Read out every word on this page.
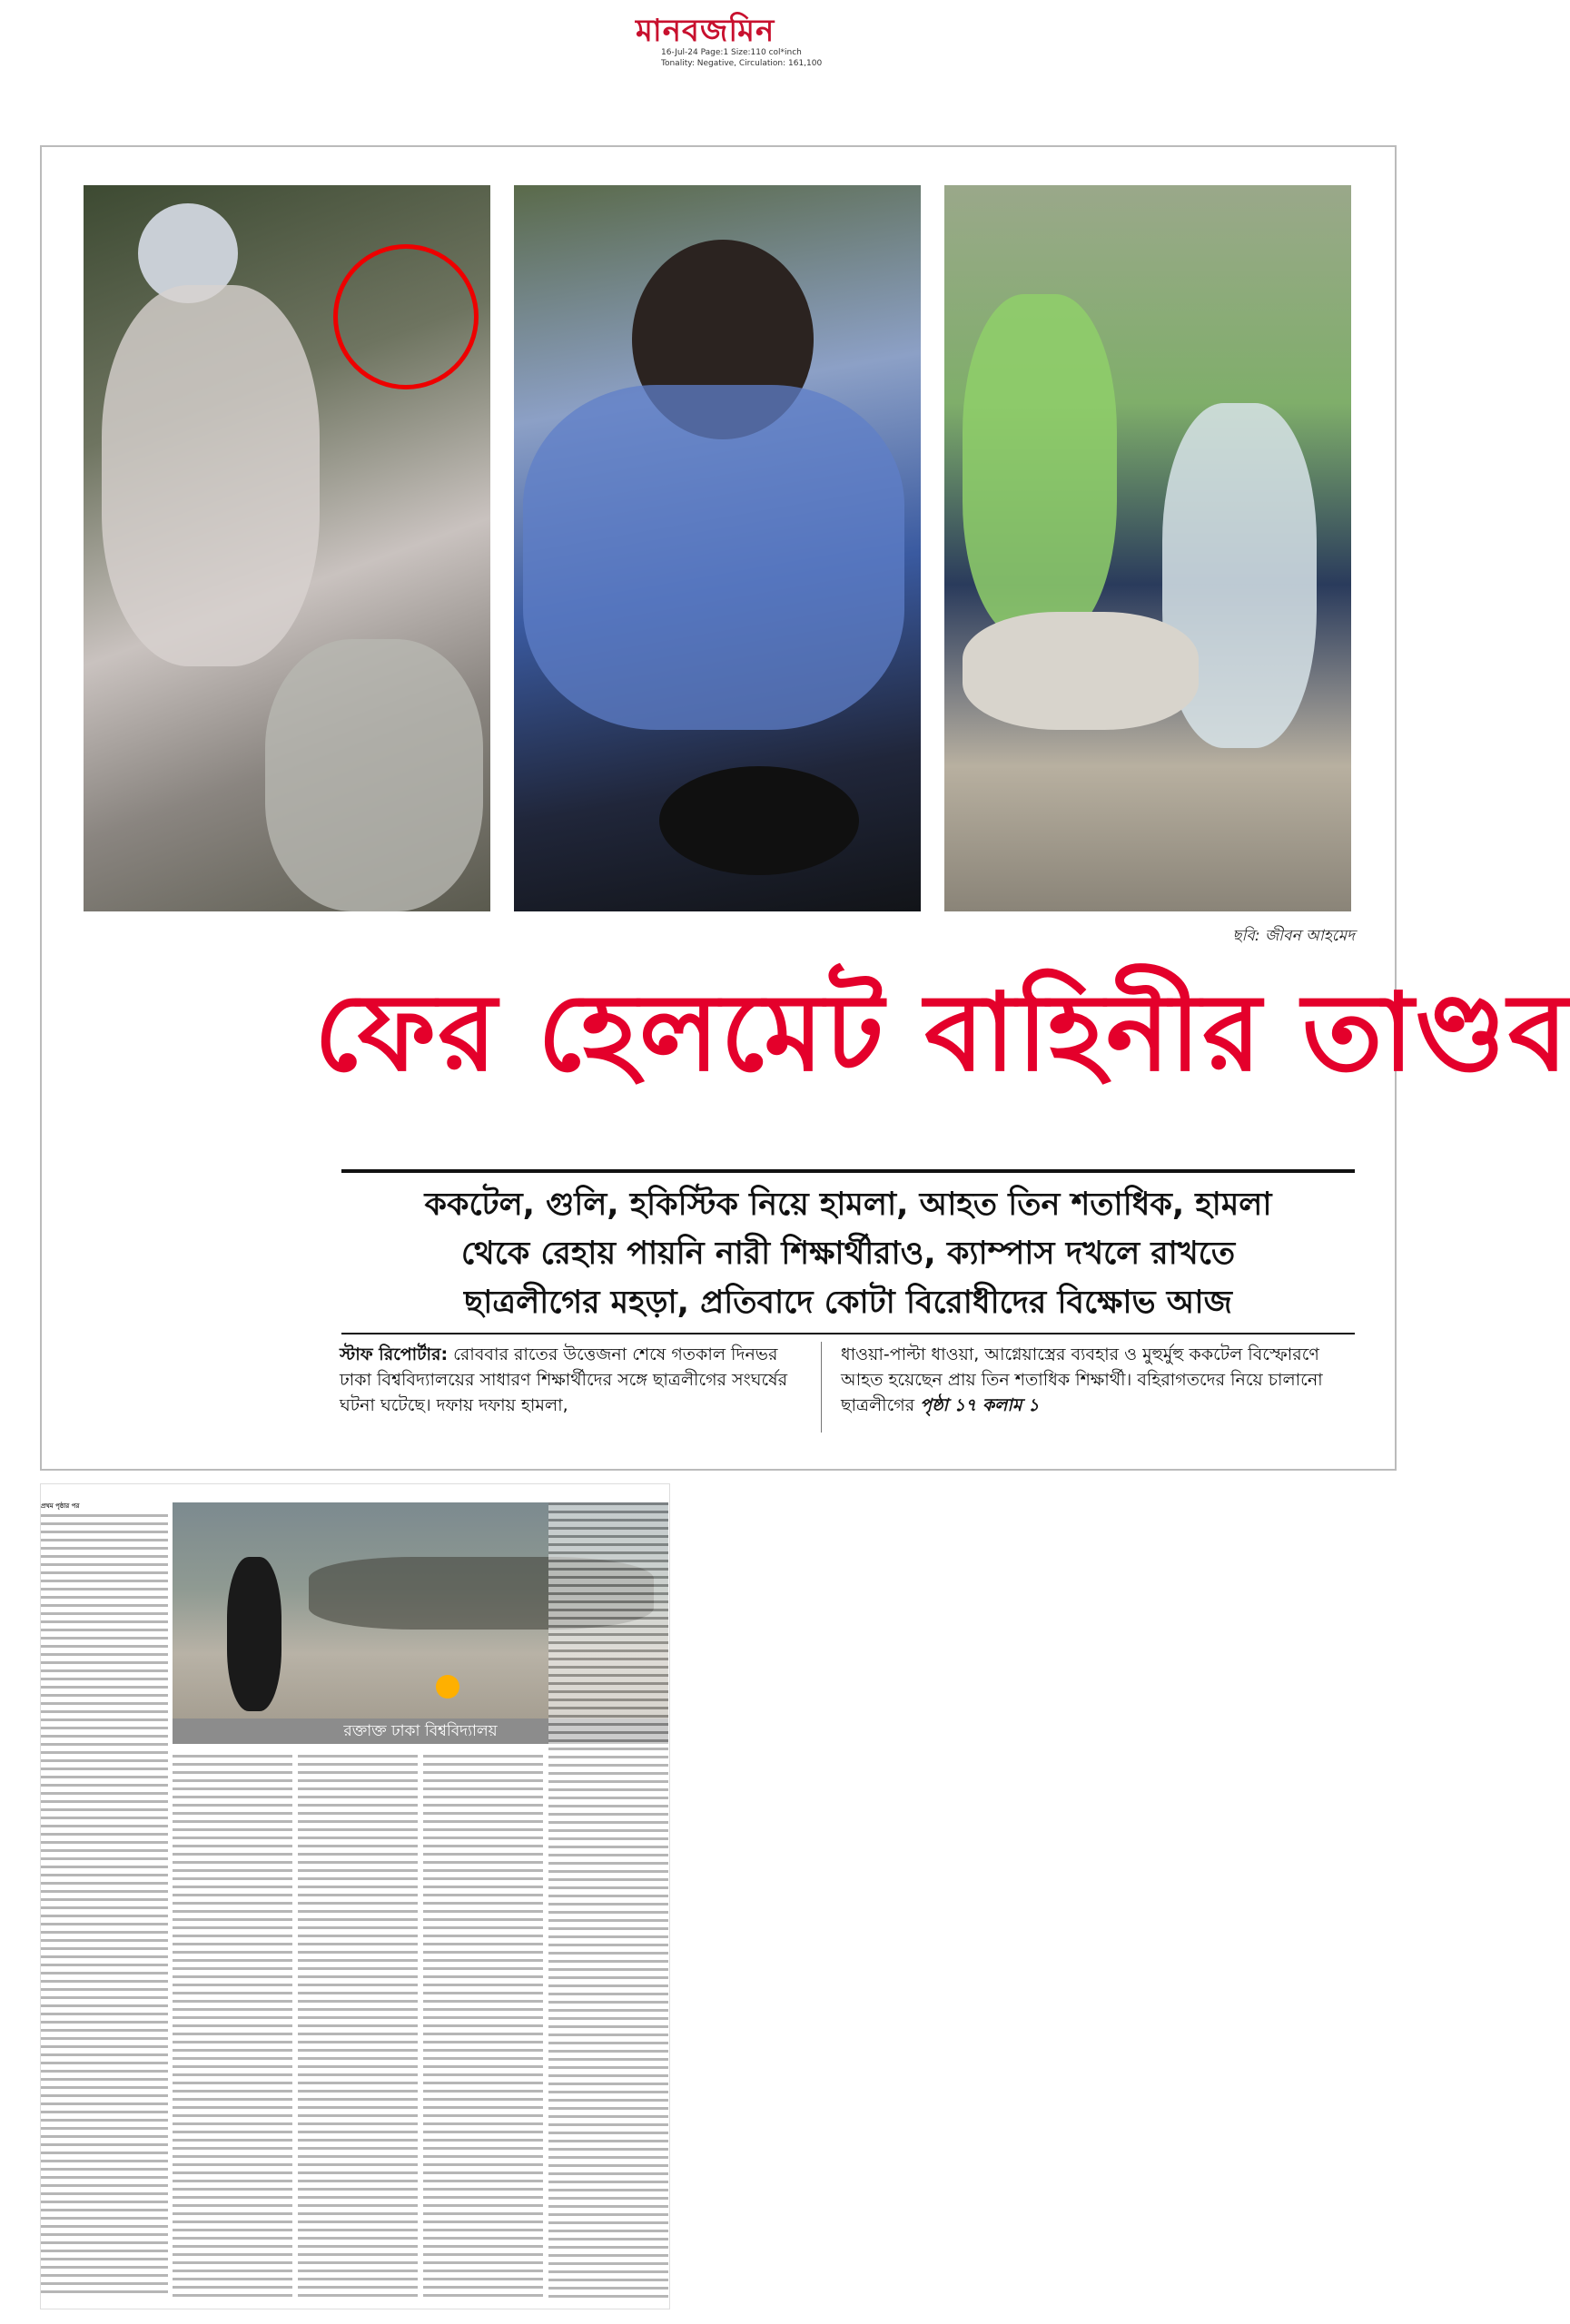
মানবজমিন
16-Jul-24 Page:1 Size:110 col*inch
Tonality: Negative, Circulation: 161,100
ছবি: জীবন আহমেদ
ফের হেলমেট বাহিনীর তাণ্ডব
ককটেল, গুলি, হকিস্টিক নিয়ে হামলা, আহত তিন শতাধিক, হামলা
থেকে রেহায় পায়নি নারী শিক্ষার্থীরাও, ক্যাম্পাস দখলে রাখতে
ছাত্রলীগের মহড়া, প্রতিবাদে কোটা বিরোধীদের বিক্ষোভ আজ
স্টাফ রিপোর্টার: রোববার রাতের উত্তেজনা শেষে গতকাল দিনভর ঢাকা বিশ্ববিদ্যালয়ের সাধারণ শিক্ষার্থীদের সঙ্গে ছাত্রলীগের সংঘর্ষের ঘটনা ঘটেছে। দফায় দফায় হামলা,
ধাওয়া-পাল্টা ধাওয়া, আগ্নেয়াস্ত্রের ব্যবহার ও মুহুর্মুহু ককটেল বিস্ফোরণে আহত হয়েছেন প্রায় তিন শতাধিক শিক্ষার্থী। বহিরাগতদের নিয়ে চালানো ছাত্রলীগের পৃষ্ঠা ১৭ কলাম ১
প্রথম পৃষ্ঠার পর
রক্তাক্ত ঢাকা বিশ্ববিদ্যালয়
